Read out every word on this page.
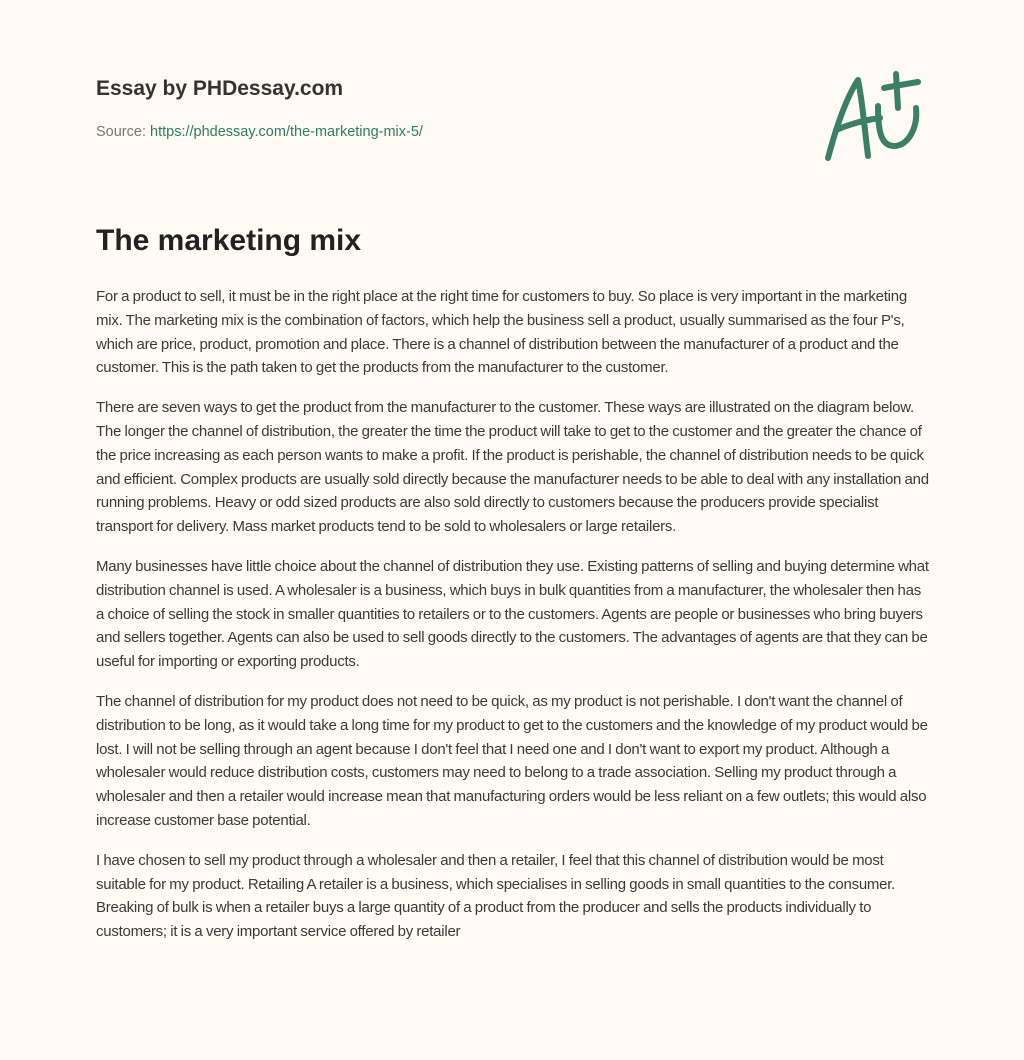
Essay by PHDessay.com

Source: https://phdessay.com/the-marketing-mix-5/
The marketing mix

For a product to sell, it must be in the right place at the right time for customers to buy. So place is very important in the marketing mix. The marketing mix is the combination of factors, which help the business sell a product, usually summarised as the four P's, which are price, product, promotion and place. There is a channel of distribution between the manufacturer of a product and the customer. This is the path taken to get the products from the manufacturer to the customer.

There are seven ways to get the product from the manufacturer to the customer. These ways are illustrated on the diagram below. The longer the channel of distribution, the greater the time the product will take to get to the customer and the greater the chance of the price increasing as each person wants to make a profit. If the product is perishable, the channel of distribution needs to be quick and efficient. Complex products are usually sold directly because the manufacturer needs to be able to deal with any installation and running problems. Heavy or odd sized products are also sold directly to customers because the producers provide specialist transport for delivery. Mass market products tend to be sold to wholesalers or large retailers.

Many businesses have little choice about the channel of distribution they use. Existing patterns of selling and buying determine what distribution channel is used. A wholesaler is a business, which buys in bulk quantities from a manufacturer, the wholesaler then has a choice of selling the stock in smaller quantities to retailers or to the customers. Agents are people or businesses who bring buyers and sellers together. Agents can also be used to sell goods directly to the customers. The advantages of agents are that they can be useful for importing or exporting products.

The channel of distribution for my product does not need to be quick, as my product is not perishable. I don't want the channel of distribution to be long, as it would take a long time for my product to get to the customers and the knowledge of my product would be lost. I will not be selling through an agent because I don't feel that I need one and I don't want to export my product. Although a wholesaler would reduce distribution costs, customers may need to belong to a trade association. Selling my product through a wholesaler and then a retailer would increase mean that manufacturing orders would be less reliant on a few outlets; this would also increase customer base potential.

I have chosen to sell my product through a wholesaler and then a retailer, I feel that this channel of distribution would be most suitable for my product. Retailing A retailer is a business, which specialises in selling goods in small quantities to the consumer. Breaking of bulk is when a retailer buys a large quantity of a product from the producer and sells the products individually to customers; it is a very important service offered by retailer
